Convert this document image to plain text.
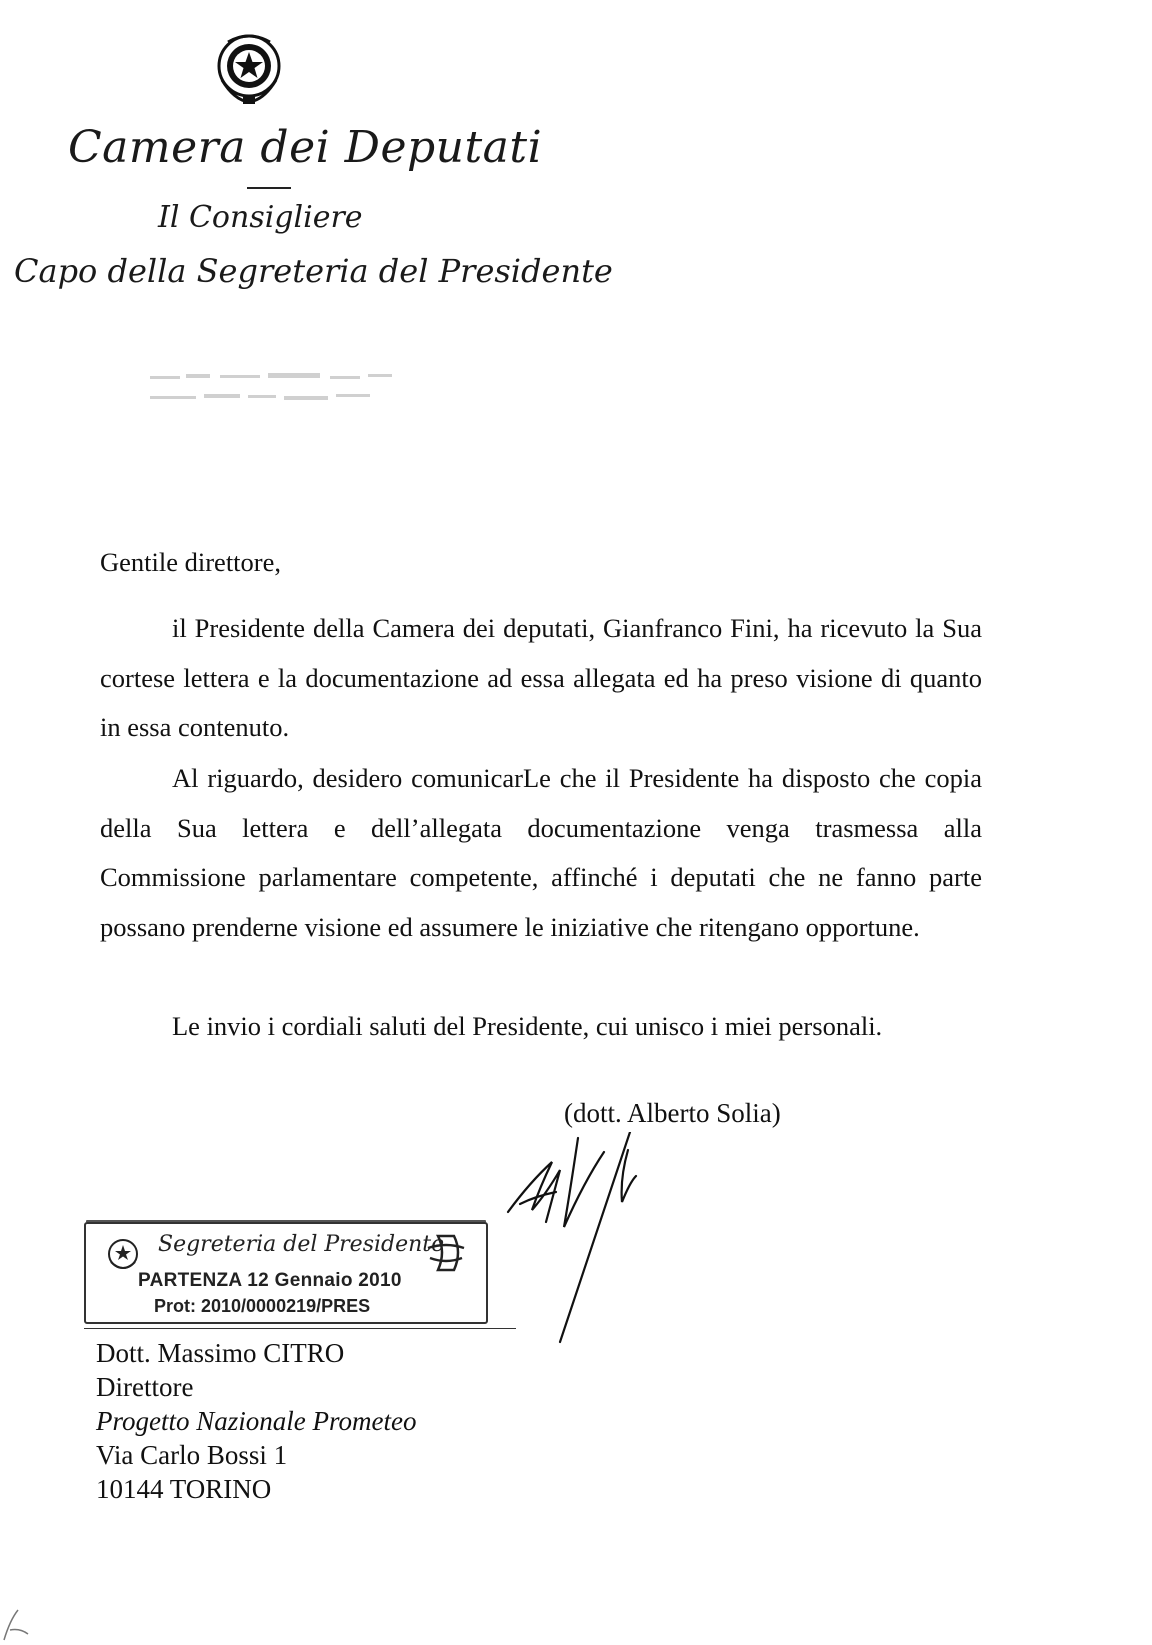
Camera dei Deputati
Il Consigliere
Capo della Segreteria del Presidente

Gentile direttore,

il Presidente della Camera dei deputati, Gianfranco Fini, ha ricevuto la Sua cortese lettera e la documentazione ad essa allegata ed ha preso visione di quanto in essa contenuto.

Al riguardo, desidero comunicarLe che il Presidente ha disposto che copia della Sua lettera e dell’allegata documentazione venga trasmessa alla Commissione parlamentare competente, affinché i deputati che ne fanno parte possano prenderne visione ed assumere le iniziative che ritengano opportune.

Le invio i cordiali saluti del Presidente, cui unisco i miei personali.

(dott. Alberto Solia)
Segreteria del Presidente
PARTENZA 12 Gennaio 2010
Prot: 2010/0000219/PRES
Dott. Massimo CITRO
Direttore
Progetto Nazionale Prometeo
Via Carlo Bossi 1
10144 TORINO
